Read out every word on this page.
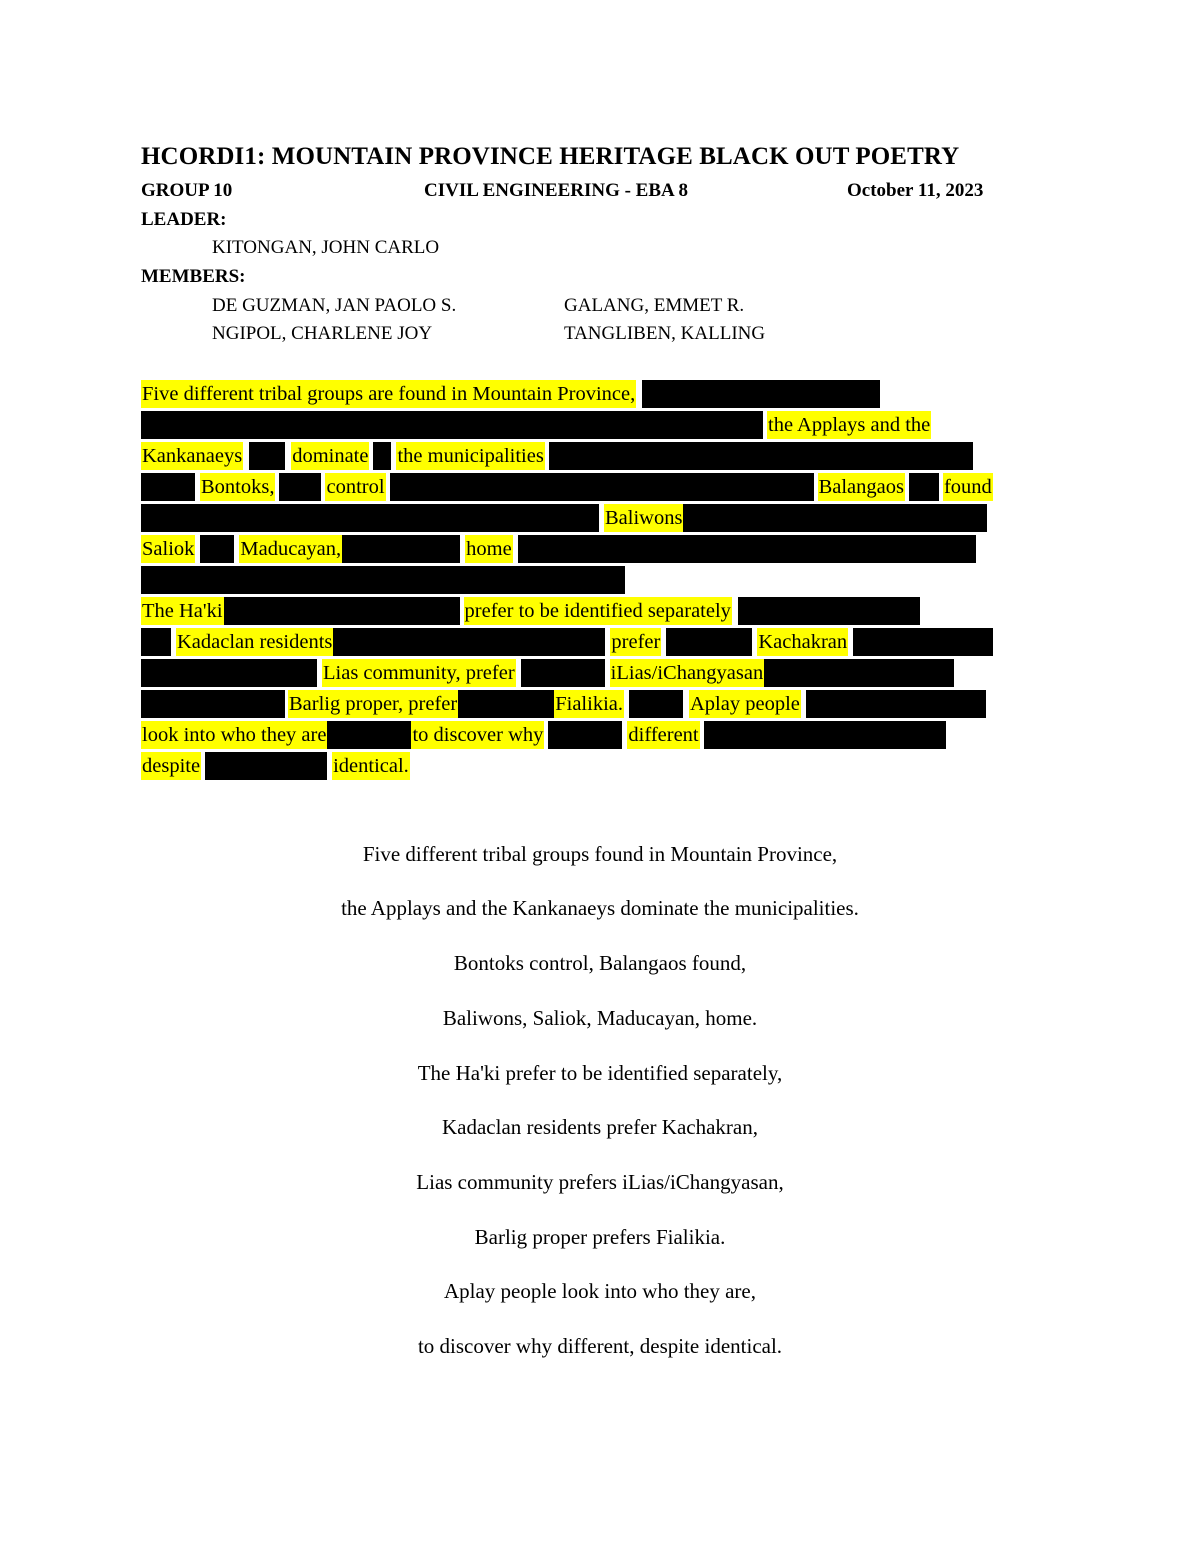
HCORDI1: MOUNTAIN PROVINCE HERITAGE BLACK OUT POETRY
GROUP 10	CIVIL ENGINEERING - EBA 8	October 11, 2023
LEADER:
KITONGAN, JOHN CARLO
MEMBERS:
DE GUZMAN, JAN PAOLO S.	GALANG, EMMET R.
NGIPOL, CHARLENE JOY	TANGLIBEN, KALLING
Five different tribal groups are found in Mountain Province,
the Applays and the
Kankanaeys dominate the municipalities
Bontoks,	control	Balangaos found
Baliwons
Saliok Maducayan,	home
The Ha'ki	prefer to be identified separately
Kadaclan residents	prefer	Kachakran
Lias community, prefer	iLias/iChangyasan
Barlig proper, prefer	Fialikia.	Aplay people
look into who they are	to discover why	different
despite	identical.
Five different tribal groups found in Mountain Province,
the Applays and the Kankanaeys dominate the municipalities.
Bontoks control, Balangaos found,
Baliwons, Saliok, Maducayan, home.
The Ha'ki prefer to be identified separately,
Kadaclan residents prefer Kachakran,
Lias community prefers iLias/iChangyasan,
Barlig proper prefers Fialikia.
Aplay people look into who they are,
to discover why different, despite identical.
